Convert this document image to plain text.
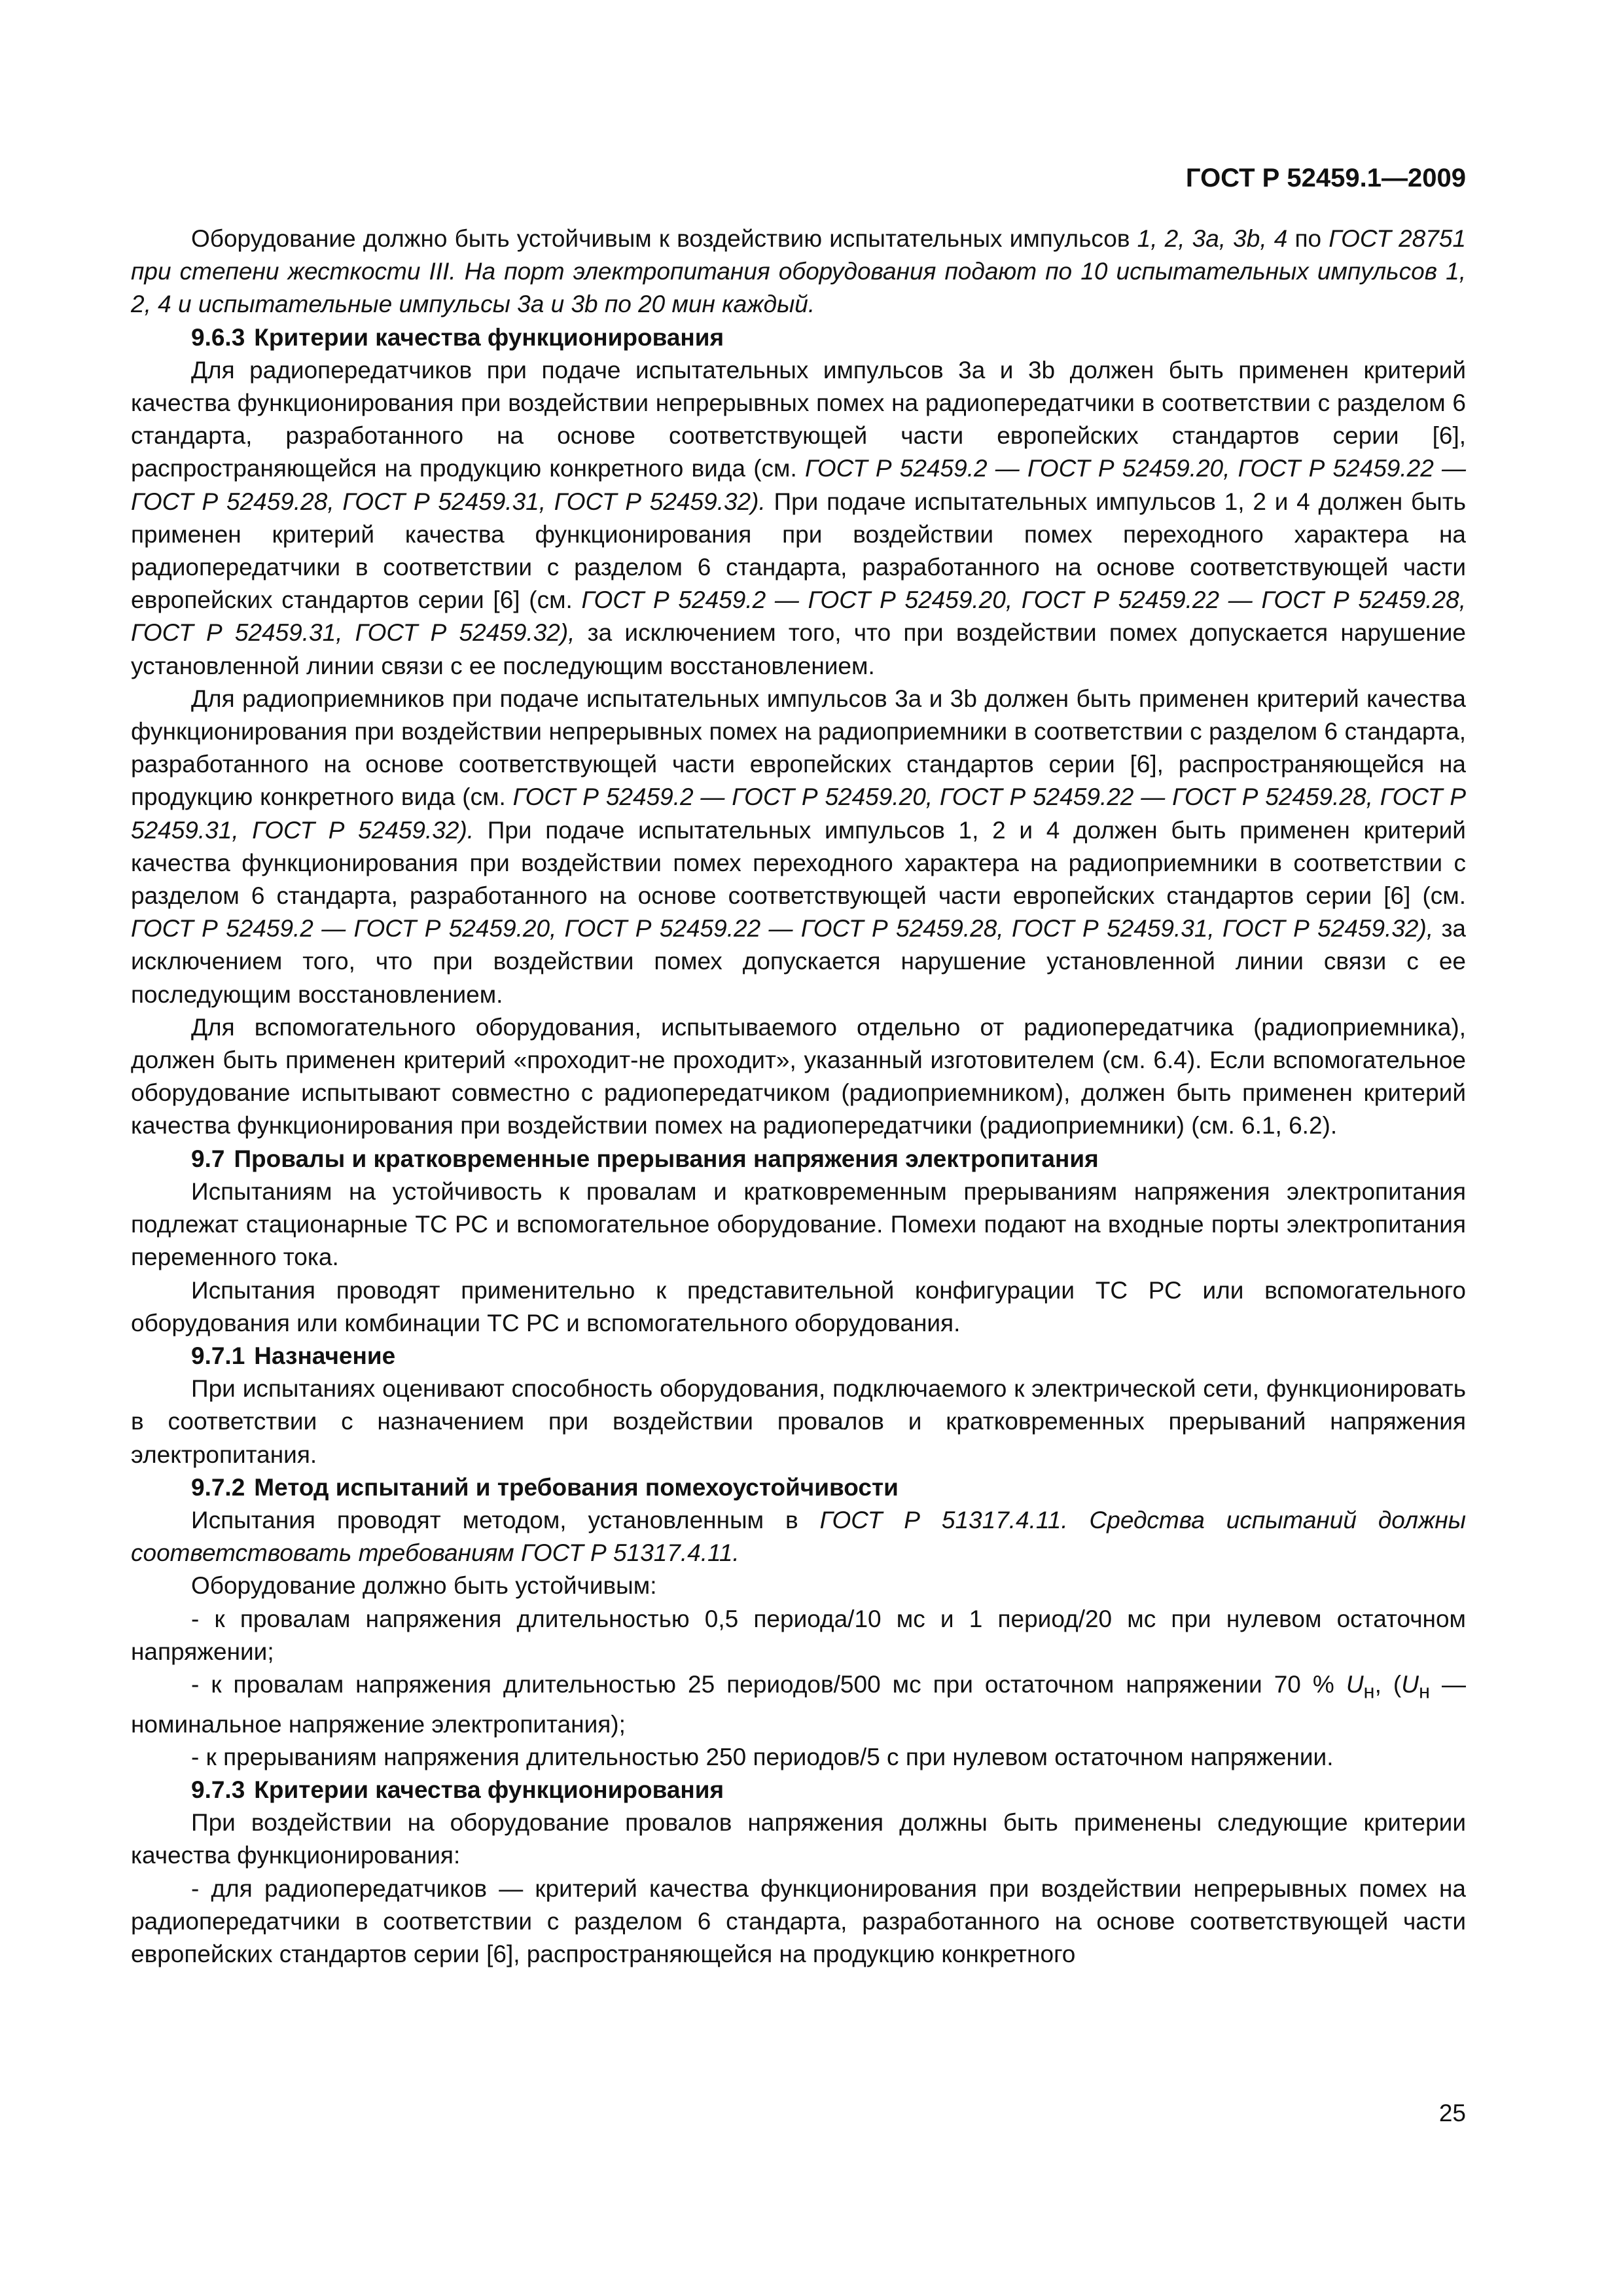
ГОСТ Р 52459.1—2009

Оборудование должно быть устойчивым к воздействию испытательных импульсов 1, 2, 3a, 3b, 4 по ГОСТ 28751 при степени жесткости III. На порт электропитания оборудования подают по 10 испытательных импульсов 1, 2, 4 и испытательные импульсы 3a и 3b по 20 мин каждый.

9.6.3 Критерии качества функционирования

Для радиопередатчиков при подаче испытательных импульсов 3a и 3b должен быть применен критерий качества функционирования при воздействии непрерывных помех на радиопередатчики в соответствии с разделом 6 стандарта, разработанного на основе соответствующей части европейских стандартов серии [6], распространяющейся на продукцию конкретного вида (см. ГОСТ Р 52459.2 — ГОСТ Р 52459.20, ГОСТ Р 52459.22 — ГОСТ Р 52459.28, ГОСТ Р 52459.31, ГОСТ Р 52459.32). При подаче испытательных импульсов 1, 2 и 4 должен быть применен критерий качества функционирования при воздействии помех переходного характера на радиопередатчики в соответствии с разделом 6 стандарта, разработанного на основе соответствующей части европейских стандартов серии [6] (см. ГОСТ Р 52459.2 — ГОСТ Р 52459.20, ГОСТ Р 52459.22 — ГОСТ Р 52459.28, ГОСТ Р 52459.31, ГОСТ Р 52459.32), за исключением того, что при воздействии помех допускается нарушение установленной линии связи с ее последующим восстановлением.

Для радиоприемников при подаче испытательных импульсов 3a и 3b должен быть применен критерий качества функционирования при воздействии непрерывных помех на радиоприемники в соответствии с разделом 6 стандарта, разработанного на основе соответствующей части европейских стандартов серии [6], распространяющейся на продукцию конкретного вида (см. ГОСТ Р 52459.2 — ГОСТ Р 52459.20, ГОСТ Р 52459.22 — ГОСТ Р 52459.28, ГОСТ Р 52459.31, ГОСТ Р 52459.32). При подаче испытательных импульсов 1, 2 и 4 должен быть применен критерий качества функционирования при воздействии помех переходного характера на радиоприемники в соответствии с разделом 6 стандарта, разработанного на основе соответствующей части европейских стандартов серии [6] (см. ГОСТ Р 52459.2 — ГОСТ Р 52459.20, ГОСТ Р 52459.22 — ГОСТ Р 52459.28, ГОСТ Р 52459.31, ГОСТ Р 52459.32), за исключением того, что при воздействии помех допускается нарушение установленной линии связи с ее последующим восстановлением.

Для вспомогательного оборудования, испытываемого отдельно от радиопередатчика (радиоприемника), должен быть применен критерий «проходит-не проходит», указанный изготовителем (см. 6.4). Если вспомогательное оборудование испытывают совместно с радиопередатчиком (радиоприемником), должен быть применен критерий качества функционирования при воздействии помех на радиопередатчики (радиоприемники) (см. 6.1, 6.2).

9.7 Провалы и кратковременные прерывания напряжения электропитания

Испытаниям на устойчивость к провалам и кратковременным прерываниям напряжения электропитания подлежат стационарные ТС РС и вспомогательное оборудование. Помехи подают на входные порты электропитания переменного тока.

Испытания проводят применительно к представительной конфигурации ТС РС или вспомогательного оборудования или комбинации ТС РС и вспомогательного оборудования.

9.7.1 Назначение

При испытаниях оценивают способность оборудования, подключаемого к электрической сети, функционировать в соответствии с назначением при воздействии провалов и кратковременных прерываний напряжения электропитания.

9.7.2 Метод испытаний и требования помехоустойчивости

Испытания проводят методом, установленным в ГОСТ Р 51317.4.11. Средства испытаний должны соответствовать требованиям ГОСТ Р 51317.4.11.

Оборудование должно быть устойчивым:

- к провалам напряжения длительностью 0,5 периода/10 мс и 1 период/20 мс при нулевом остаточном напряжении;

- к провалам напряжения длительностью 25 периодов/500 мс при остаточном напряжении 70 % $U_н$, ($U_н$ — номинальное напряжение электропитания);

- к прерываниям напряжения длительностью 250 периодов/5 с при нулевом остаточном напряжении.

9.7.3 Критерии качества функционирования

При воздействии на оборудование провалов напряжения должны быть применены следующие критерии качества функционирования:

- для радиопередатчиков — критерий качества функционирования при воздействии непрерывных помех на радиопередатчики в соответствии с разделом 6 стандарта, разработанного на основе соответствующей части европейских стандартов серии [6], распространяющейся на продукцию конкретного

25
